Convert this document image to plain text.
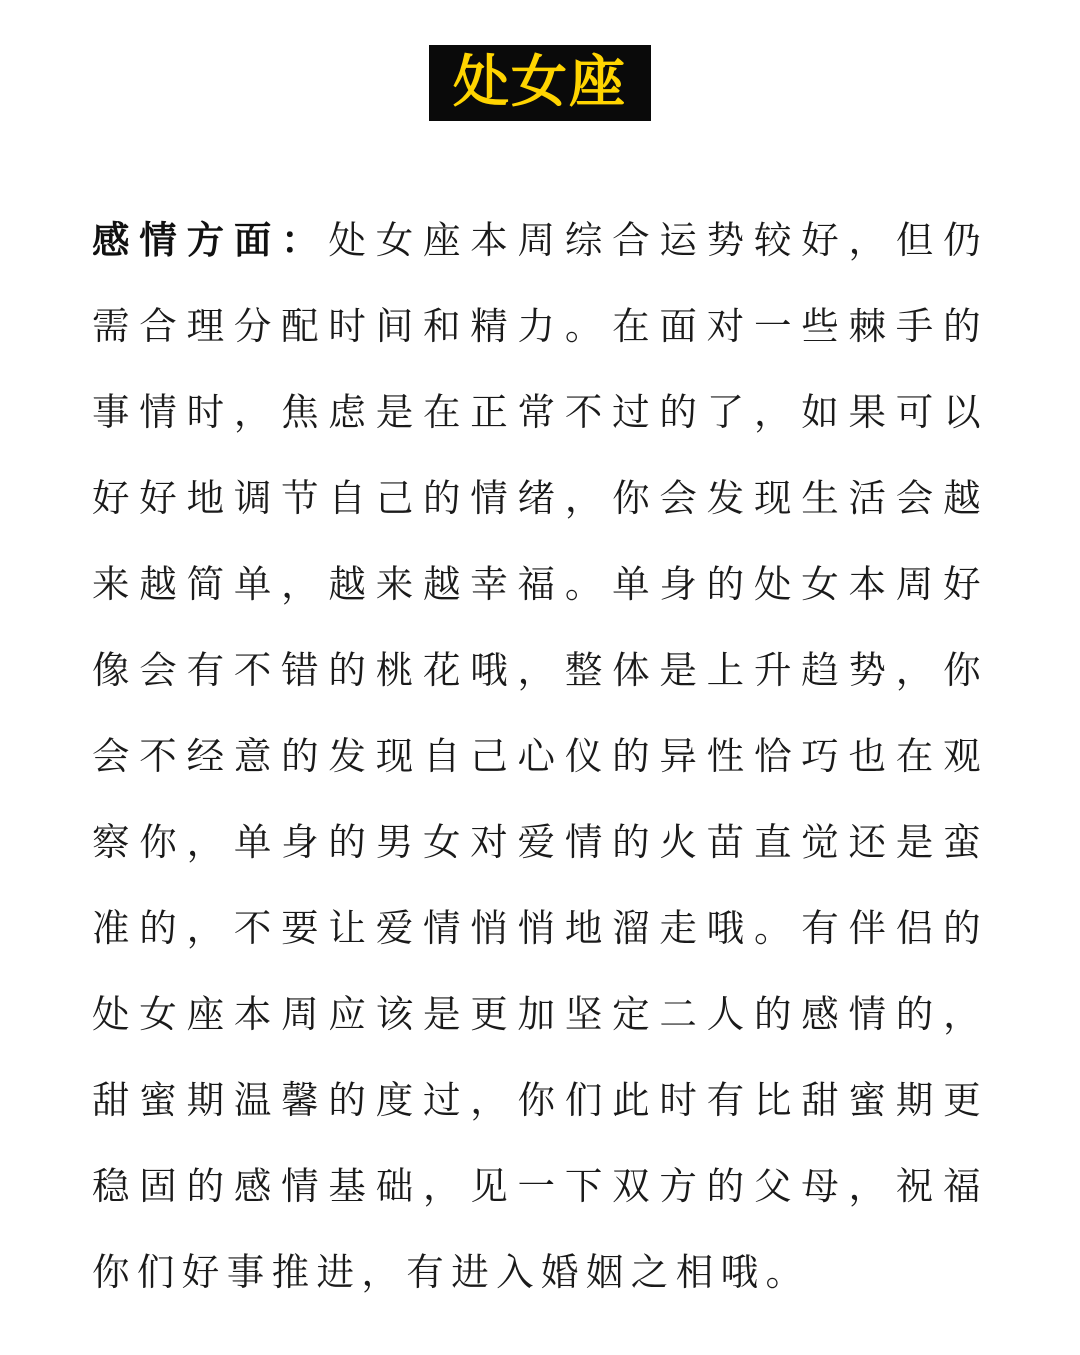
处女座

感情方面：处女座本周综合运势较好，但仍需合理分配时间和精力。在面对一些棘手的事情时，焦虑是在正常不过的了，如果可以好好地调节自己的情绪，你会发现生活会越来越简单，越来越幸福。单身的处女本周好像会有不错的桃花哦，整体是上升趋势，你会不经意的发现自己心仪的异性恰巧也在观察你，单身的男女对爱情的火苗直觉还是蛮准的，不要让爱情悄悄地溜走哦。有伴侣的处女座本周应该是更加坚定二人的感情的，甜蜜期温馨的度过，你们此时有比甜蜜期更稳固的感情基础，见一下双方的父母，祝福你们好事推进，有进入婚姻之相哦。
